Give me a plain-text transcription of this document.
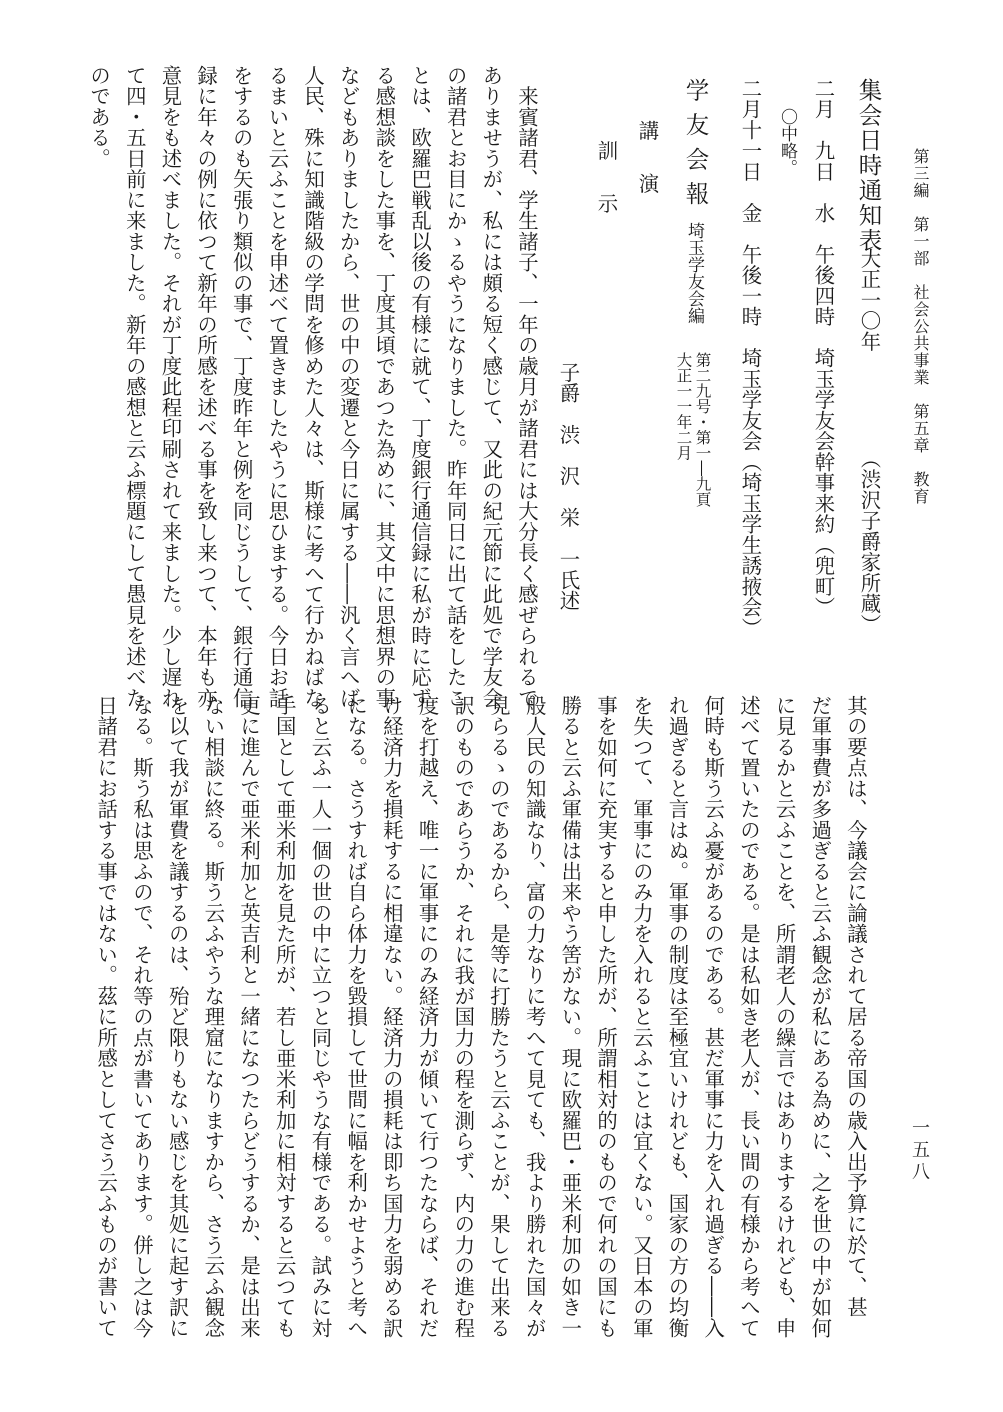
第三編　第一部　社会公共事業　第五章　教育
一五八
集会日時通知表
大正一〇年
（渋沢子爵家所蔵）
二月　九日　水　午後四時　埼玉学友会幹事来約（兜町）
〇中略。
二月十一日　金　午後一時　埼玉学友会（埼玉学生誘掖会）
学友会報
埼玉学友会編
第二九号・第一―九頁
大正一一年二月
講　演
訓　示
子爵　渋　沢　栄　一氏述
　来賓諸君、学生諸子、一年の歳月が諸君には大分長く感ぜられるで
ありませうが、私には頗る短く感じて、又此の紀元節に此処で学友会
の諸君とお目にかゝるやうになりました。昨年同日に出て話をしたこ
とは、欧羅巴戦乱以後の有様に就て、丁度銀行通信録に私が時に応ず
る感想談をした事を、丁度其頃であつた為めに、其文中に思想界の事
などもありましたから、世の中の変遷と今日に属する――汎く言へば
人民、殊に知識階級の学問を修めた人々は、斯様に考へて行かねばな
るまいと云ふことを申述べて置きましたやうに思ひまする。今日お話
をするのも矢張り類似の事で、丁度昨年と例を同じうして、銀行通信
録に年々の例に依つて新年の所感を述べる事を致し来つて、本年も亦
意見をも述べました。それが丁度此程印刷されて来ました。少し遅れ
て四・五日前に来ました。新年の感想と云ふ標題にして愚見を述べた
のである。
其の要点は、今議会に論議されて居る帝国の歳入出予算に於て、甚
だ軍事費が多過ぎると云ふ観念が私にある為めに、之を世の中が如何
に見るかと云ふことを、所謂老人の繰言ではありまするけれども、申
述べて置いたのである。是は私如き老人が、長い間の有様から考へて
何時も斯う云ふ憂があるのである。甚だ軍事に力を入れ過ぎる――入
れ過ぎると言はぬ。軍事の制度は至極宜いけれども、国家の方の均衡
を失つて、軍事にのみ力を入れると云ふことは宜くない。又日本の軍
事を如何に充実すると申した所が、所謂相対的のもので何れの国にも
勝ると云ふ軍備は出来やう筈がない。現に欧羅巴・亜米利加の如き一
般人民の知識なり、富の力なりに考へて見ても、我より勝れた国々が
見らるゝのであるから、是等に打勝たうと云ふことが、果して出来る
訳のものであらうか、それに我が国力の程を測らず、内の力の進む程
度を打越え、唯一に軍事にのみ経済力が傾いて行つたならば、それだ
け経済力を損耗するに相違ない。経済力の損耗は即ち国力を弱める訳
になる。さうすれば自ら体力を毀損して世間に幅を利かせようと考へ
ると云ふ一人一個の世の中に立つと同じやうな有様である。試みに対
手国として亜米利加を見た所が、若し亜米利加に相対すると云つても
更に進んで亜米利加と英吉利と一緒になつたらどうするか、是は出来
ない相談に終る。斯う云ふやうな理窟になりますから、さう云ふ観念
を以て我が軍費を議するのは、殆ど限りもない感じを其処に起す訳に
なる。斯う私は思ふので、それ等の点が書いてあります。併し之は今
日諸君にお話する事ではない。茲に所感としてさう云ふものが書いて
